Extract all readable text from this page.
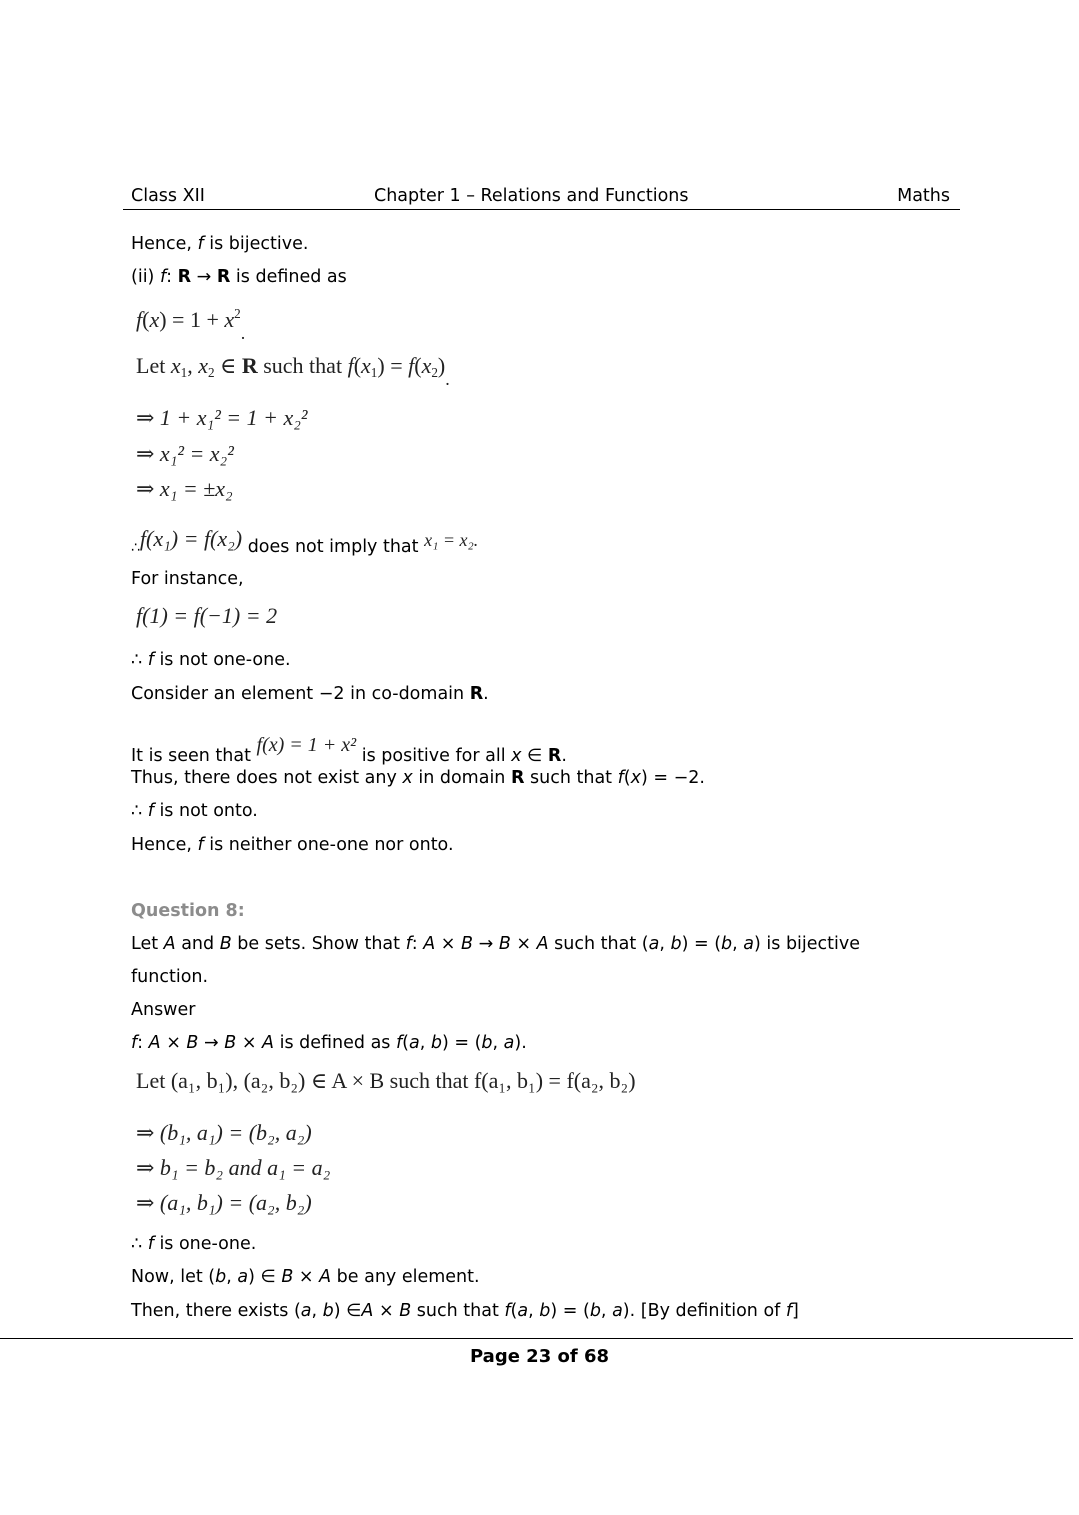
Class XII	Chapter 1 – Relations and Functions	Maths
Hence, f is bijective.
(ii) f: R → R is defined as
$f(x) = 1 + x^2_.$
Let $x_1$, $x_2$ ∈ R such that $f(x_1) = f(x_2)_.$
⇒ 1 + x₁² = 1 + x₂²
⇒ x₁² = x₂²
⇒ x₁ = ±x₂
∴f(x₁) = f(x₂) does not imply that x₁ = x₂.
For instance,
f(1) = f(−1) = 2
∴ f is not one-one.
Consider an element −2 in co-domain R.
It is seen that f(x) = 1 + x² is positive for all x ∈ R.
Thus, there does not exist any x in domain R such that f(x) = −2.
∴ f is not onto.
Hence, f is neither one-one nor onto.
Question 8:
Let A and B be sets. Show that f: A × B → B × A such that (a, b) = (b, a) is bijective
function.
Answer
f: A × B → B × A is defined as f(a, b) = (b, a).
Let (a₁, b₁), (a₂, b₂) ∈ A × B such that f(a₁, b₁) = f(a₂, b₂)
⇒ (b₁, a₁) = (b₂, a₂)
⇒ b₁ = b₂ and a₁ = a₂
⇒ (a₁, b₁) = (a₂, b₂)
∴ f is one-one.
Now, let (b, a) ∈ B × A be any element.
Then, there exists (a, b) ∈A × B such that f(a, b) = (b, a). [By definition of f]
Page 23 of 68
